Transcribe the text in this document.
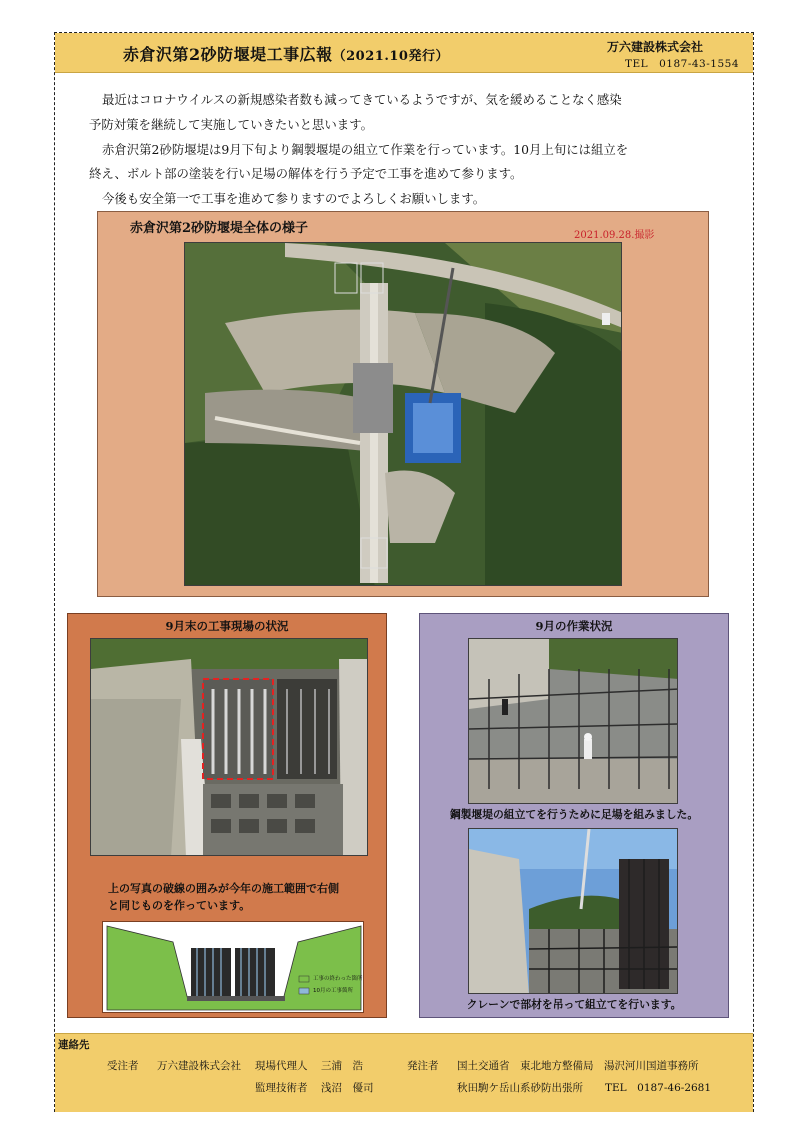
赤倉沢第2砂防堰堤工事広報（2021.10発行）
万六建設株式会社
TEL　0187-43-1554

最近はコロナウイルスの新規感染者数も減ってきているようですが、気を緩めることなく感染

予防対策を継続して実施していきたいと思います。

赤倉沢第2砂防堰堤は9月下旬より鋼製堰堤の組立て作業を行っています。10月上旬には組立を

終え、ボルト部の塗装を行い足場の解体を行う予定で工事を進めて参ります。

今後も安全第一で工事を進めて参りますのでよろしくお願いします。

赤倉沢第2砂防堰堤全体の様子	2021.09.28.撮影
9月末の工事現場の状況
上の写真の破線の囲みが今年の施工範囲で右側
と同じものを作っています。
工事の終わった箇所
10月の工事箇所
9月の作業状況
鋼製堰堤の組立てを行うために足場を組みました。
クレーンで部材を吊って組立てを行います。
連絡先
受注者 万六建設株式会社 現場代理人 三浦　浩
監理技術者 浅沼　優司
発注者 国土交通省　東北地方整備局　湯沢河川国道事務所
秋田駒ケ岳山系砂防出張所 TEL　0187-46-2681
